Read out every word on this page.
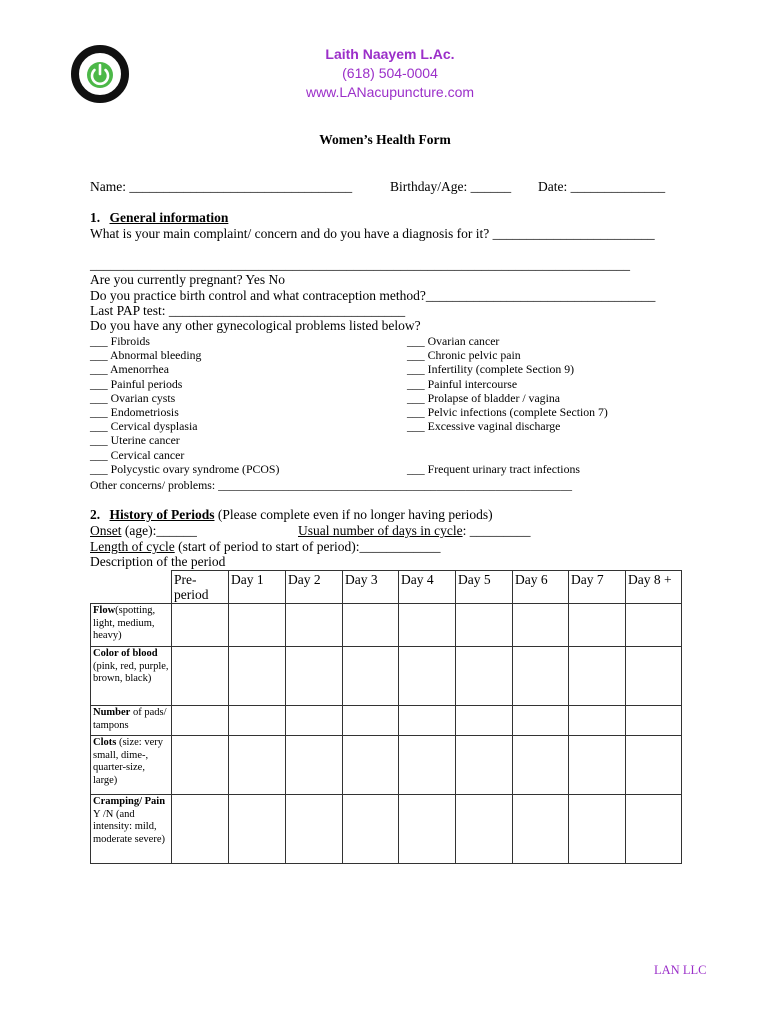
Laith Naayem L.Ac.
(618) 504-0004
www.LANacupuncture.com
Women’s Health Form
Name: _________________________________	Birthday/Age: ______ Date: ______________
1. General information
What is your main complaint/ concern and do you have a diagnosis for it? ________________________
________________________________________________________________________________
Are you currently pregnant? Yes No
Do you practice birth control and what contraception method?__________________________________
Last PAP test: ___________________________________
Do you have any other gynecological problems listed below?
___ Fibroids
___ Abnormal bleeding
___ Amenorrhea
___ Painful periods
___ Ovarian cysts
___ Endometriosis
___ Cervical dysplasia
___ Uterine cancer
___ Cervical cancer
___ Polycystic ovary syndrome (PCOS)
___ Ovarian cancer
___ Chronic pelvic pain
___ Infertility (complete Section 9)
___ Painful intercourse
___ Prolapse of bladder / vagina
___ Pelvic infections (complete Section 7)
___ Excessive vaginal discharge
___ Frequent urinary tract infections
Other concerns/ problems: ____________________________________________________________
2. History of Periods (Please complete even if no longer having periods)
Onset (age):______	Usual number of days in cycle: _________
Length of cycle (start of period to start of period):____________
Description of the period
	Pre-period	Day 1	Day 2	Day 3	Day 4	Day 5	Day 6	Day 7	Day 8 +
Flow(spotting, light, medium, heavy)									
Color of blood (pink, red, purple, brown, black)									
Number of pads/ tampons									
Clots (size: very small, dime-, quarter-size, large)									
Cramping/ Pain Y /N (and intensity: mild, moderate severe)									
LAN LLC
